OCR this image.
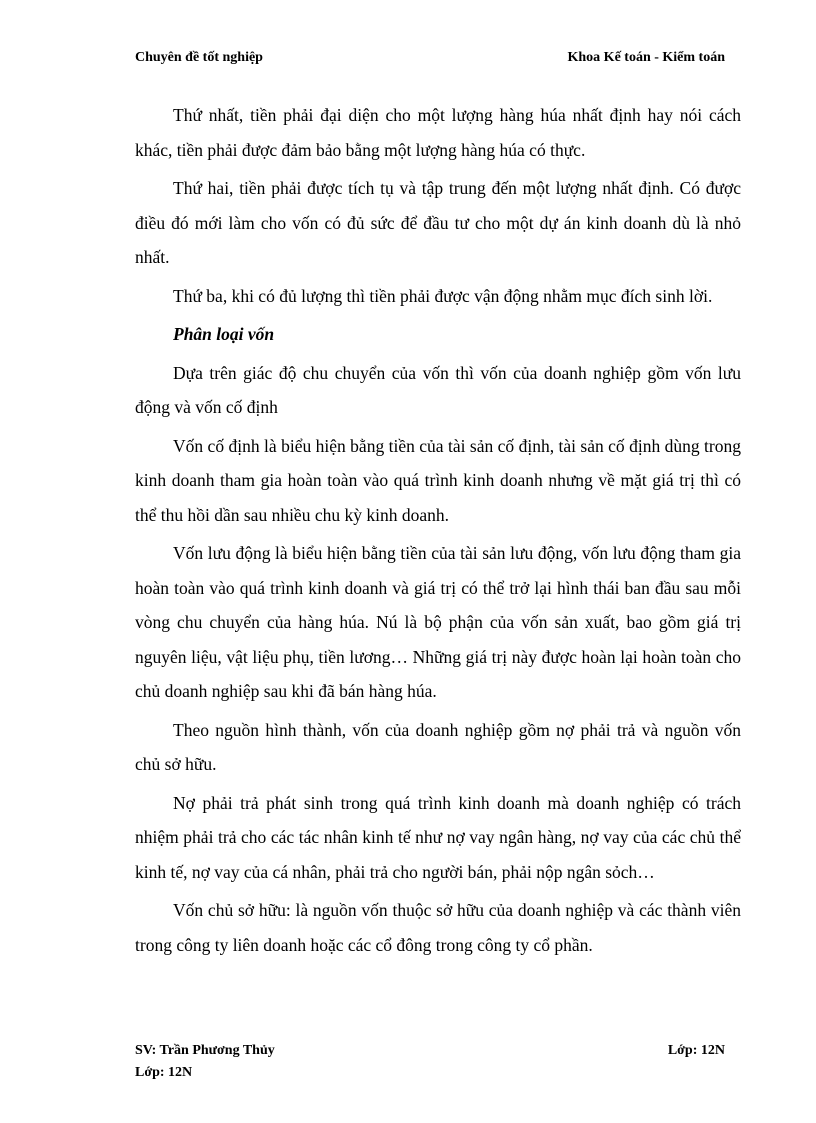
Chuyên đề tốt nghiệp	Khoa Kế toán - Kiểm toán

Thứ nhất, tiền phải đại diện cho một lượng hàng húa nhất định hay nói cách khác, tiền phải được đảm bảo bằng một lượng hàng húa có thực.

Thứ hai, tiền phải được tích tụ và tập trung đến một lượng nhất định. Có được điều đó mới làm cho vốn có đủ sức để đầu tư cho một dự án kinh doanh dù là nhỏ nhất.

Thứ ba, khi có đủ lượng thì tiền phải được vận động nhằm mục đích sinh lời.

Phân loại vốn

Dựa trên giác độ chu chuyển của vốn thì vốn của doanh nghiệp gồm vốn lưu động và vốn cố định

Vốn cố định là biểu hiện bằng tiền của tài sản cố định, tài sản cố định dùng trong kinh doanh tham gia hoàn toàn vào quá trình kinh doanh nhưng về mặt giá trị thì có thể thu hồi dần sau nhiều chu kỳ kinh doanh.

Vốn lưu động là biểu hiện bằng tiền của tài sản lưu động, vốn lưu động tham gia hoàn toàn vào quá trình kinh doanh và giá trị có thể trở lại hình thái ban đầu sau mỗi vòng chu chuyển của hàng húa. Nú là bộ phận của vốn sản xuất, bao gồm giá trị nguyên liệu, vật liệu phụ, tiền lương… Những giá trị này được hoàn lại hoàn toàn cho chủ doanh nghiệp sau khi đã bán hàng húa.

Theo nguồn hình thành, vốn của doanh nghiệp gồm nợ phải trả và nguồn vốn chủ sở hữu.

Nợ phải trả phát sinh trong quá trình kinh doanh mà doanh nghiệp có trách nhiệm phải trả cho các tác nhân kinh tế như nợ vay ngân hàng, nợ vay của các chủ thể kinh tế, nợ vay của cá nhân, phải trả cho người bán, phải nộp ngân sỏch…

Vốn chủ sở hữu: là nguồn vốn thuộc sở hữu của doanh nghiệp và các thành viên trong công ty liên doanh hoặc các cổ đông trong công ty cổ phần.

SV: Trần Phương Thủy	Lớp: 12N
Lớp: 12N
